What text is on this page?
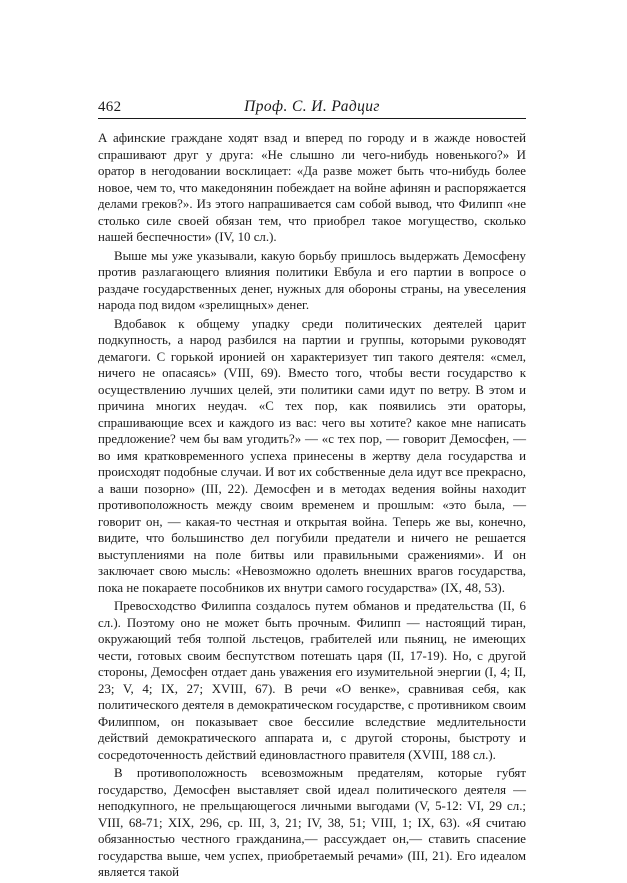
462	Проф. С. И. Радциг

А афинские граждане ходят взад и вперед по городу и в жажде новостей спрашивают друг у друга: «Не слышно ли чего-нибудь новенького?» И оратор в негодовании восклицает: «Да разве может быть что-нибудь более новое, чем то, что македонянин побеждает на войне афинян и распоряжается делами греков?». Из этого напрашивается сам собой вывод, что Филипп «не столько силе своей обязан тем, что приобрел такое могущество, сколько нашей беспечности» (IV, 10 сл.).

Выше мы уже указывали, какую борьбу пришлось выдержать Демосфену против разлагающего влияния политики Евбула и его партии в вопросе о раздаче государственных денег, нужных для обороны страны, на увеселения народа под видом «зрелищных» денег.

Вдобавок к общему упадку среди политических деятелей царит подкупность, а народ разбился на партии и группы, которыми руководят демагоги. С горькой иронией он характеризует тип такого деятеля: «смел, ничего не опасаясь» (VIII, 69). Вместо того, чтобы вести государство к осуществлению лучших целей, эти политики сами идут по ветру. В этом и причина многих неудач. «С тех пор, как появились эти ораторы, спрашивающие всех и каждого из вас: чего вы хотите? какое мне написать предложение? чем бы вам угодить?» — «с тех пор, — говорит Демосфен, — во имя кратковременного успеха принесены в жертву дела государства и происходят подобные случаи. И вот их собственные дела идут все прекрасно, а ваши позорно» (III, 22). Демосфен и в методах ведения войны находит противоположность между своим временем и прошлым: «это была, — говорит он, — какая-то честная и открытая война. Теперь же вы, конечно, видите, что большинство дел погубили предатели и ничего не решается выступлениями на поле битвы или правильными сражениями». И он заключает свою мысль: «Невозможно одолеть внешних врагов государства, пока не покараете пособников их внутри самого государства» (IX, 48, 53).

Превосходство Филиппа создалось путем обманов и предательства (II, 6 сл.). Поэтому оно не может быть прочным. Филипп — настоящий тиран, окружающий тебя толпой льстецов, грабителей или пьяниц, не имеющих чести, готовых своим беспутством потешать царя (II, 17-19). Но, с другой стороны, Демосфен отдает дань уважения его изумительной энергии (I, 4; II, 23; V, 4; IX, 27; XVIII, 67). В речи «О венке», сравнивая себя, как политического деятеля в демократическом государстве, с противником своим Филиппом, он показывает свое бессилие вследствие медлительности действий демократического аппарата и, с другой стороны, быстроту и сосредоточенность действий единовластного правителя (XVIII, 188 сл.).

В противоположность всевозможным предателям, которые губят государство, Демосфен выставляет свой идеал политического деятеля — неподкупного, не прельщающегося личными выгодами (V, 5-12: VI, 29 сл.; VIII, 68-71; XIX, 296, ср. III, 3, 21; IV, 38, 51; VIII, 1; IX, 63). «Я считаю обязанностью честного гражданина,— рассуждает он,— ставить спасение государства выше, чем успех, приобретаемый речами» (III, 21). Его идеалом является такой
